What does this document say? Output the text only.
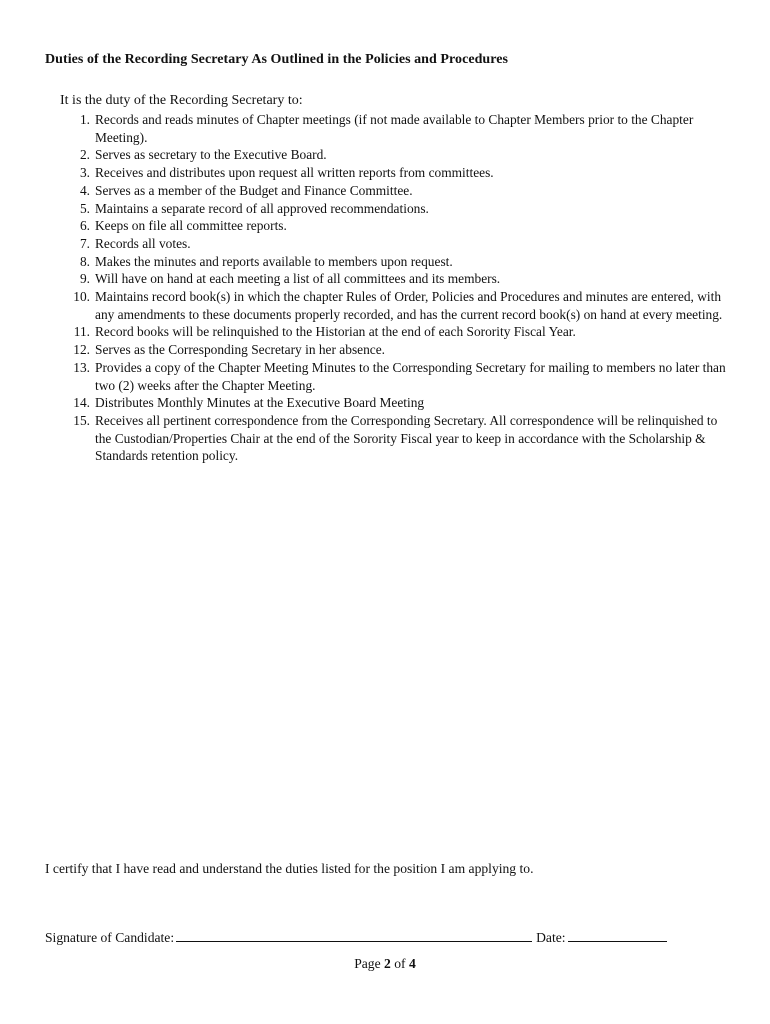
Duties of the Recording Secretary As Outlined in the Policies and Procedures
It is the duty of the Recording Secretary to:
1. Records and reads minutes of Chapter meetings (if not made available to Chapter Members prior to the Chapter Meeting).
2. Serves as secretary to the Executive Board.
3. Receives and distributes upon request all written reports from committees.
4. Serves as a member of the Budget and Finance Committee.
5. Maintains a separate record of all approved recommendations.
6. Keeps on file all committee reports.
7. Records all votes.
8. Makes the minutes and reports available to members upon request.
9. Will have on hand at each meeting a list of all committees and its members.
10. Maintains record book(s) in which the chapter Rules of Order, Policies and Procedures and minutes are entered, with any amendments to these documents properly recorded, and has the current record book(s) on hand at every meeting.
11. Record books will be relinquished to the Historian at the end of each Sorority Fiscal Year.
12. Serves as the Corresponding Secretary in her absence.
13. Provides a copy of the Chapter Meeting Minutes to the Corresponding Secretary for mailing to members no later than two (2) weeks after the Chapter Meeting.
14. Distributes Monthly Minutes at the Executive Board Meeting
15. Receives all pertinent correspondence from the Corresponding Secretary. All correspondence will be relinquished to the Custodian/Properties Chair at the end of the Sorority Fiscal year to keep in accordance with the Scholarship & Standards retention policy.
I certify that I have read and understand the duties listed for the position I am applying to.
Signature of Candidate:	Date:
Page 2 of 4
